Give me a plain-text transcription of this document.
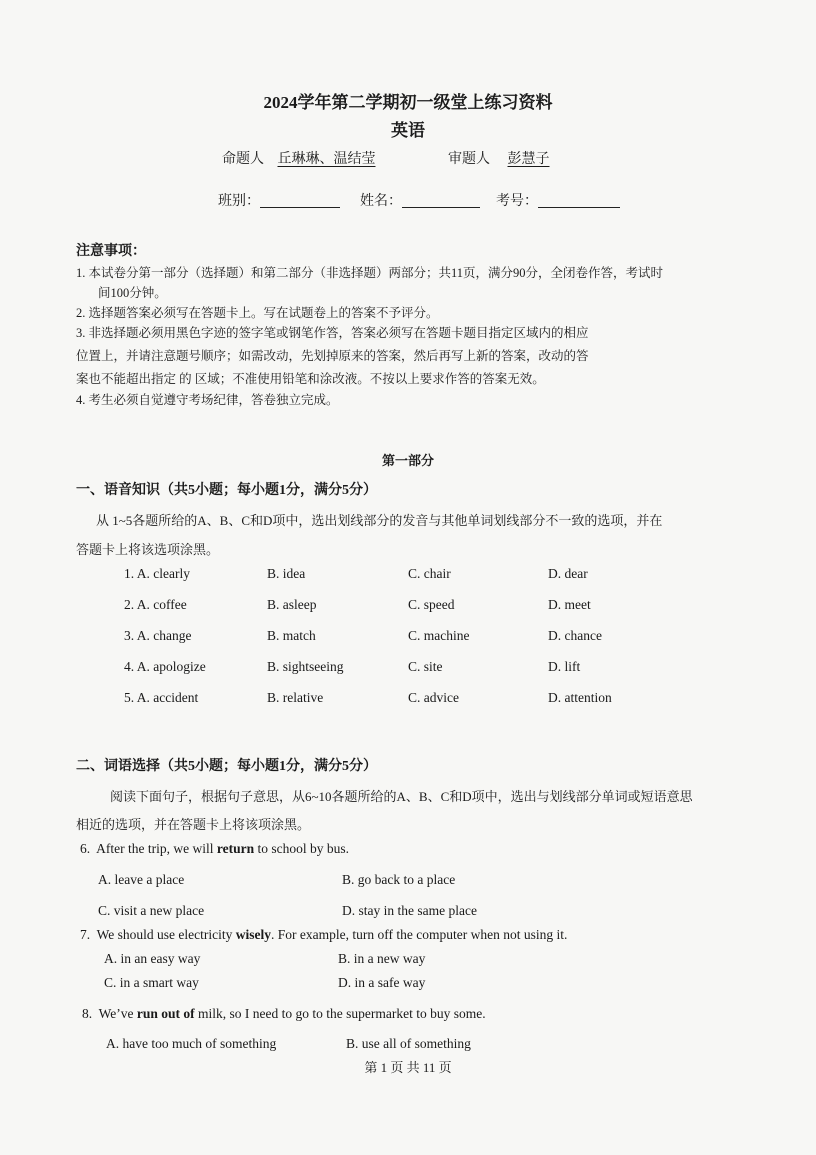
2024学年第二学期初一级堂上练习资料
英语
命题人 丘琳琳、温结莹	审题人 彭慧子
班别：	姓名：	考号：
注意事项：
1. 本试卷分第一部分（选择题）和第二部分（非选择题）两部分；共11页，满分90分，全闭卷作答，考试时
间100分钟。
2. 选择题答案必须写在答题卡上。写在试题卷上的答案不予评分。
3. 非选择题必须用黑色字迹的签字笔或钢笔作答，答案必须写在答题卡题目指定区域内的相应
位置上，并请注意题号顺序；如需改动，先划掉原来的答案，然后再写上新的答案，改动的答
案也不能超出指定 的 区域；不准使用铅笔和涂改液。不按以上要求作答的答案无效。
4. 考生必须自觉遵守考场纪律，答卷独立完成。
第一部分
一、语音知识（共5小题；每小题1分，满分5分）
从 1~5各题所给的A、B、C和D项中，选出划线部分的发音与其他单词划线部分不一致的选项，并在
答题卡上将该选项涂黑。
1. A. clearly	B. idea	C. chair	D. dear
2. A. coffee	B. asleep	C. speed	D. meet
3. A. change	B. match	C. machine	D. chance
4. A. apologize	B. sightseeing	C. site	D. lift
5. A. accident	B. relative	C. advice	D. attention
二、词语选择（共5小题；每小题1分，满分5分）
阅读下面句子，根据句子意思，从6~10各题所给的A、B、C和D项中，选出与划线部分单词或短语意思
相近的选项，并在答题卡上将该项涂黑。
6.  After the trip, we will return to school by bus.
A. leave a place	B. go back to a place
C. visit a new place	D. stay in the same place
7.  We should use electricity wisely. For example, turn off the computer when not using it.
A. in an easy way	B. in a new way
C. in a smart way	D. in a safe way
8.  We’ve run out of milk, so I need to go to the supermarket to buy some.
A. have too much of something	B. use all of something
第 1 页 共 11 页
